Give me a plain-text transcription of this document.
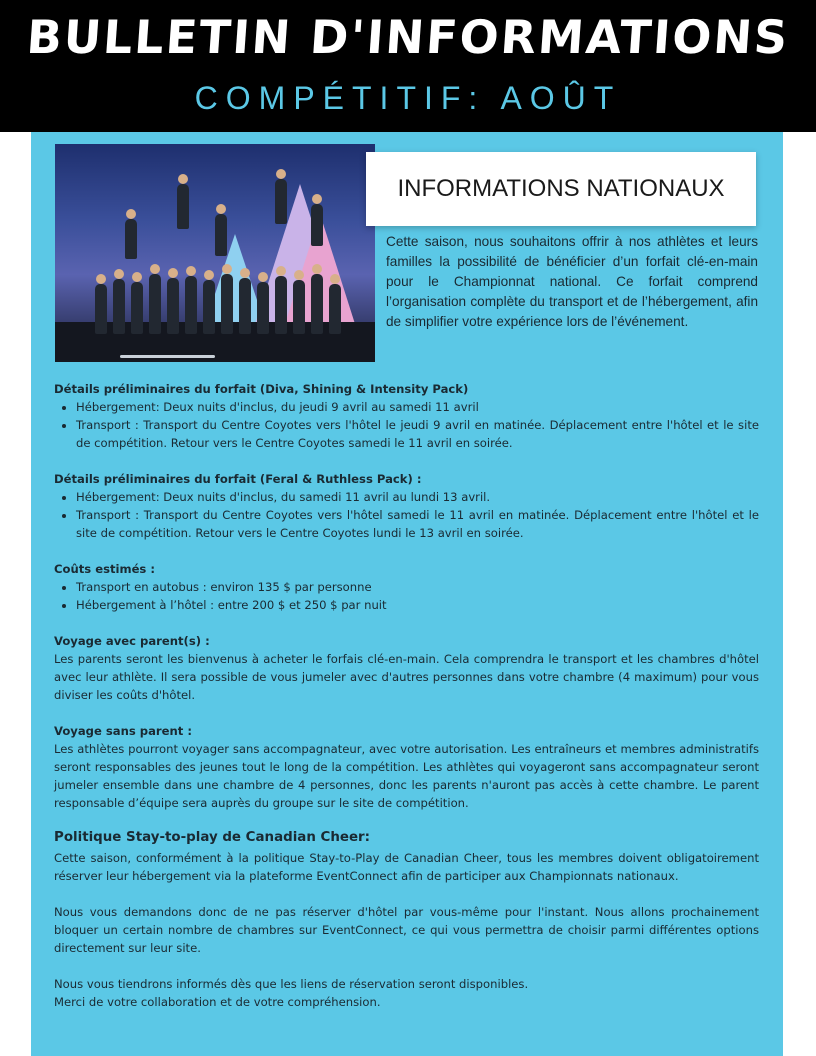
BULLETIN D'INFORMATIONS
COMPÉTITIF: AOÛT
INFORMATIONS NATIONAUX

Cette saison, nous souhaitons offrir à nos athlètes et leurs familles la possibilité de bénéficier d’un forfait clé-en-main pour le Championnat national. Ce forfait comprend l’organisation complète du transport et de l’hébergement, afin de simplifier votre expérience lors de l’événement.

Détails préliminaires du forfait (Diva, Shining & Intensity Pack)
• Hébergement: Deux nuits d'inclus, du jeudi 9 avril au samedi 11 avril
• Transport : Transport du Centre Coyotes vers l'hôtel le jeudi 9 avril en matinée. Déplacement entre l'hôtel et le site de compétition. Retour vers le Centre Coyotes samedi le 11 avril en soirée.
Détails préliminaires du forfait (Feral & Ruthless Pack) :
• Hébergement: Deux nuits d'inclus, du samedi 11 avril au lundi 13 avril.
• Transport : Transport du Centre Coyotes vers l'hôtel samedi le 11 avril en matinée. Déplacement entre l'hôtel et le site de compétition. Retour vers le Centre Coyotes lundi le 13 avril en soirée.
Coûts estimés :
• Transport en autobus : environ 135 $ par personne
• Hébergement à l’hôtel : entre 200 $ et 250 $ par nuit
Voyage avec parent(s) :

Les parents seront les bienvenus à acheter le forfais clé-en-main. Cela comprendra le transport et les chambres d'hôtel avec leur athlète. Il sera possible de vous jumeler avec d'autres personnes dans votre chambre (4 maximum) pour vous diviser les coûts d'hôtel.

Voyage sans parent :

Les athlètes pourront voyager sans accompagnateur, avec votre autorisation. Les entraîneurs et membres administratifs seront responsables des jeunes tout le long de la compétition. Les athlètes qui voyageront sans accompagnateur seront jumeler ensemble dans une chambre de 4 personnes, donc les parents n'auront pas accès à cette chambre. Le parent responsable d’équipe sera auprès du groupe sur le site de compétition.

Politique Stay-to-play de Canadian Cheer:

Cette saison, conformément à la politique Stay-to-Play de Canadian Cheer, tous les membres doivent obligatoirement réserver leur hébergement via la plateforme EventConnect afin de participer aux Championnats nationaux.

Nous vous demandons donc de ne pas réserver d'hôtel par vous-même pour l'instant. Nous allons prochainement bloquer un certain nombre de chambres sur EventConnect, ce qui vous permettra de choisir parmi différentes options directement sur leur site.

Nous vous tiendrons informés dès que les liens de réservation seront disponibles.

Merci de votre collaboration et de votre compréhension.
